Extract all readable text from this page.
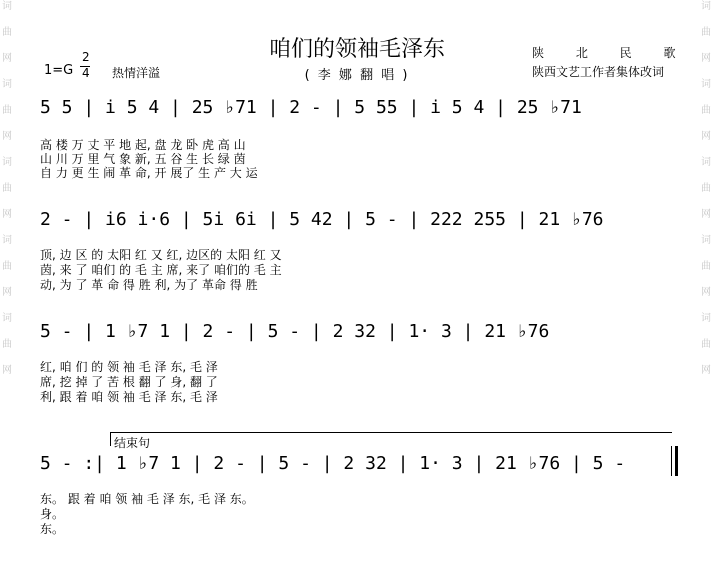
词
曲
网
词
曲
网
词
曲
网
词
曲
网
词
曲
网
词
曲
网
词
曲
网
词
曲
网
词
曲
网
词
曲
网
咱们的领袖毛泽东
( 李 娜 翻 唱 )
陕 北 民 歌
陕西文艺工作者集体改词
1=G
2
4 热情洋溢
5 5 | i 5 4 | 25 ♭71 | 2 - | 5 55 | i 5 4 | 25 ♭71
高 楼 万 丈 平 地 起, 盘 龙 卧 虎 高 山
山 川 万 里 气 象 新, 五 谷 生 长 绿 茵
自 力 更 生 闹 革 命, 开 展了 生 产 大 运
2 - | i6 i·6 | 5i 6i | 5 42 | 5 - | 222 255 | 21 ♭76
顶, 边 区 的 太阳 红 又 红, 边区的 太阳 红 又
茵, 来 了 咱们 的 毛 主 席, 来了 咱们的 毛 主
动, 为 了 革 命 得 胜 利, 为了 革命 得 胜
5 - | 1 ♭7 1 | 2 - | 5 - | 2 32 | 1· 3 | 21 ♭76
红, 咱 们 的 领 袖 毛 泽 东, 毛 泽
席, 挖 掉 了 苦 根 翻 了 身, 翻 了
利, 跟 着 咱 领 袖 毛 泽 东, 毛 泽
结束句
5 - :| 1 ♭7 1 | 2 - | 5 - | 2 32 | 1· 3 | 21 ♭76 | 5 -
东。 跟 着 咱 领 袖 毛 泽 东, 毛 泽 东。
身。
东。
